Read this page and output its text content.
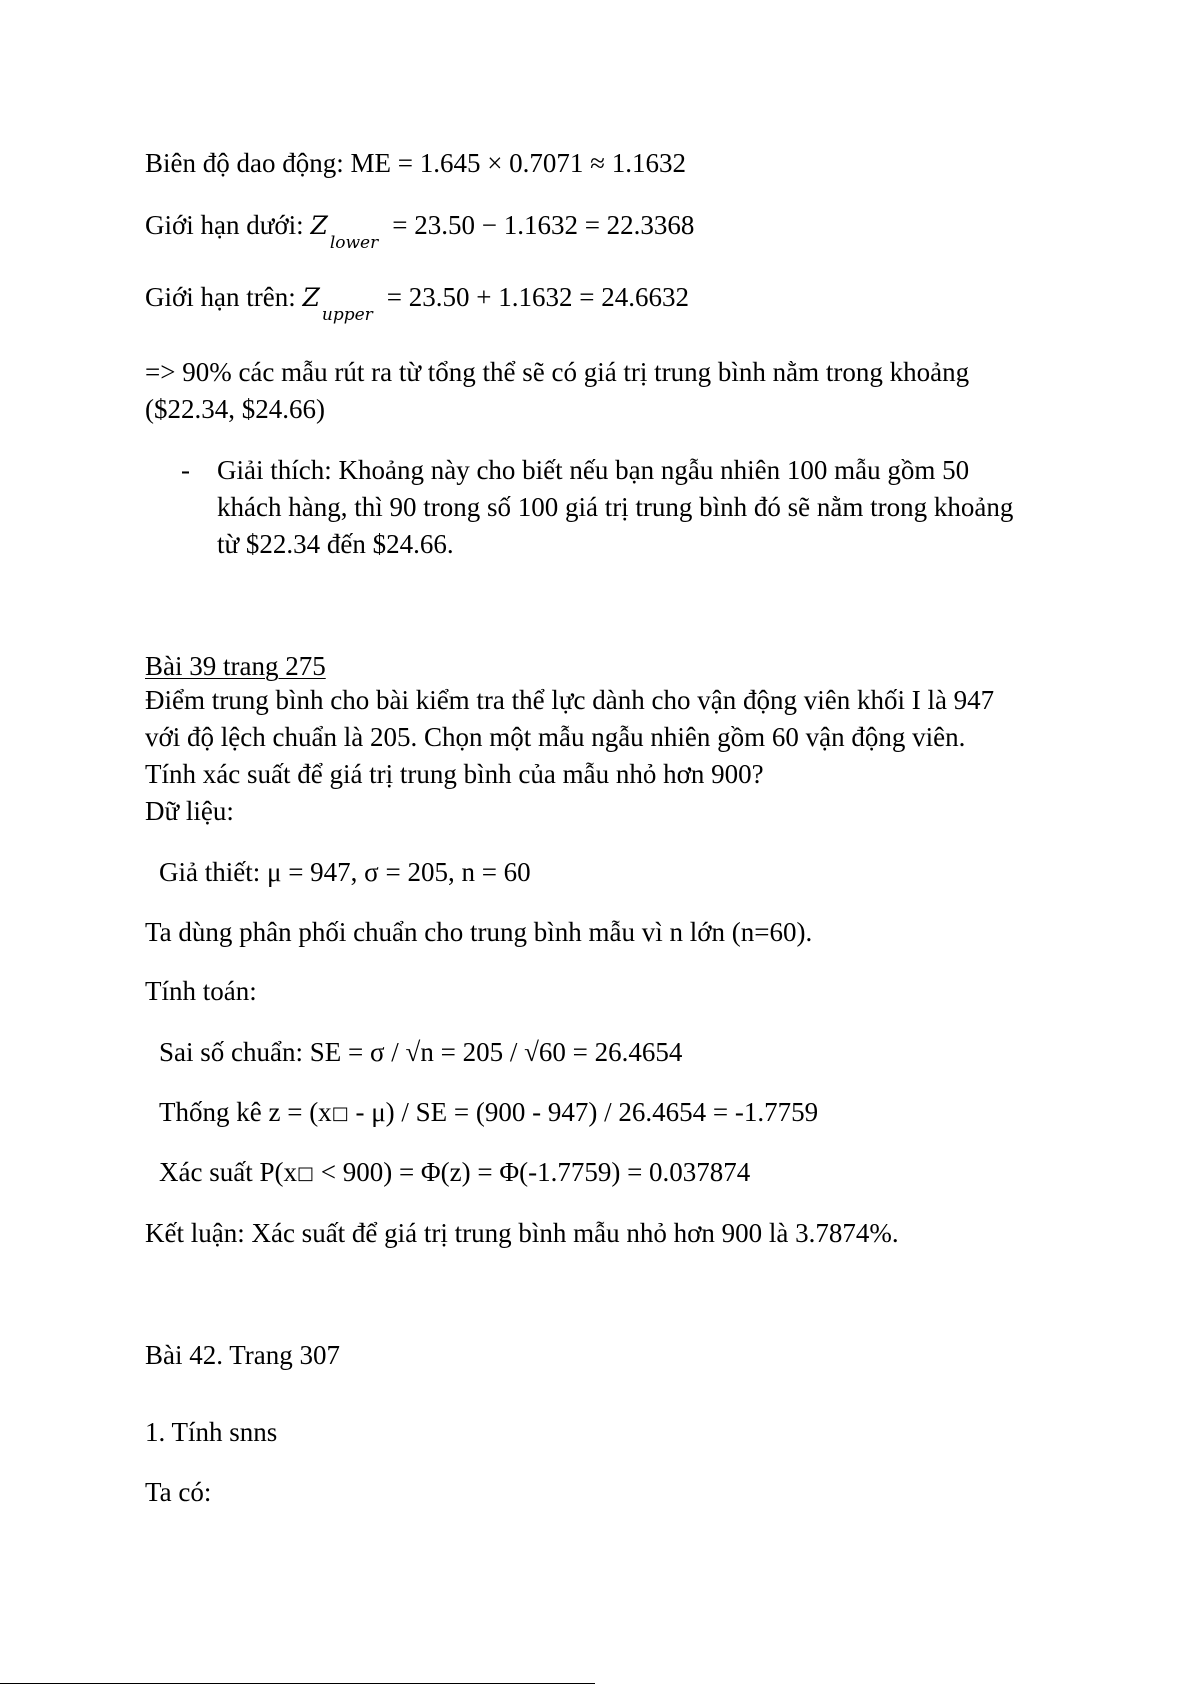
Biên độ dao động: ME = 1.645 × 0.7071 ≈ 1.1632
Giới hạn dưới: $Z_{lower}= 23.50 - 1.1632 = 22.3368$
Giới hạn trên: $Z_{upper}= 23.50 + 1.1632 = 24.6632$
=> 90% các mẫu rút ra từ tổng thể sẽ có giá trị trung bình nằm trong khoảng
($22.34, $24.66)
- Giải thích: Khoảng này cho biết nếu bạn ngẫu nhiên 100 mẫu gồm 50
khách hàng, thì 90 trong số 100 giá trị trung bình đó sẽ nằm trong khoảng
từ $22.34 đến $24.66.
Bài 39 trang 275
Điểm trung bình cho bài kiểm tra thể lực dành cho vận động viên khối I là 947
với độ lệch chuẩn là 205. Chọn một mẫu ngẫu nhiên gồm 60 vận động viên.
Tính xác suất để giá trị trung bình của mẫu nhỏ hơn 900?
Dữ liệu:
Giả thiết: μ = 947, σ = 205, n = 60
Ta dùng phân phối chuẩn cho trung bình mẫu vì n lớn (n=60).
Tính toán:
Sai số chuẩn: SE = σ / √n = 205 / √60 = 26.4654
Thống kê z = (x□ - μ) / SE = (900 - 947) / 26.4654 = -1.7759
Xác suất P(x□ < 900) = Φ(z) = Φ(-1.7759) = 0.037874
Kết luận: Xác suất để giá trị trung bình mẫu nhỏ hơn 900 là 3.7874%.
Bài 42. Trang 307
1. Tính snns
Ta có:
